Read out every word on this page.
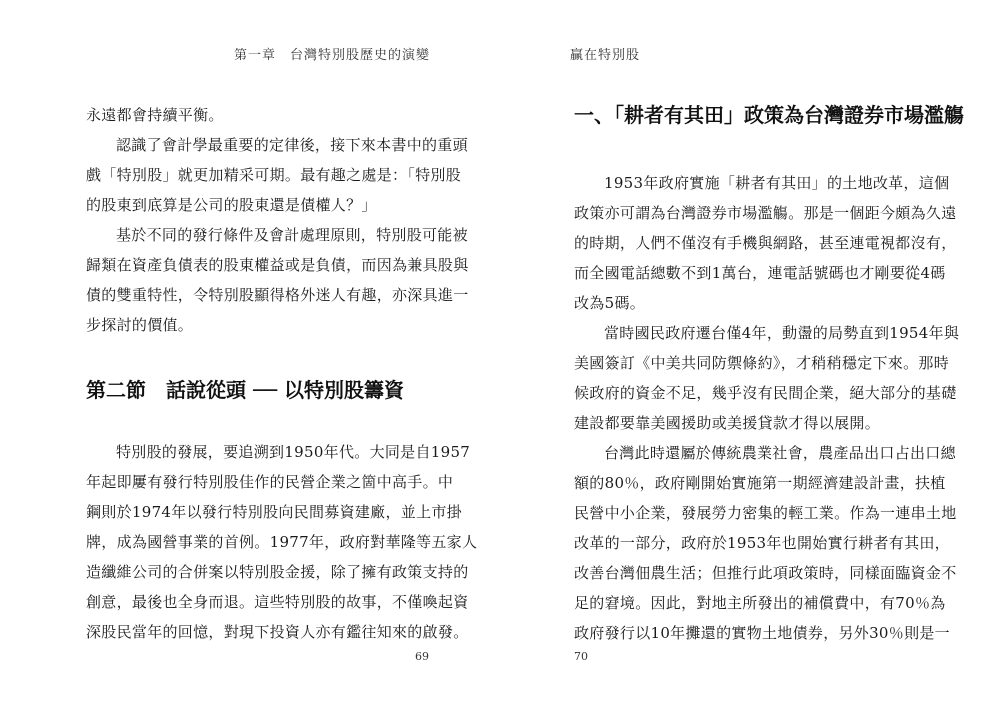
第一章　台灣特別股歷史的演變
永遠都會持續平衡。
認識了會計學最重要的定律後，接下來本書中的重頭
戲「特別股」就更加精采可期。最有趣之處是：「特別股
的股東到底算是公司的股東還是債權人？」
基於不同的發行條件及會計處理原則，特別股可能被
歸類在資產負債表的股東權益或是負債，而因為兼具股與
債的雙重特性，令特別股顯得格外迷人有趣，亦深具進一
步探討的價值。
第二節　話說從頭 ── 以特別股籌資
特別股的發展，要追溯到1950年代。大同是自1957
年起即屢有發行特別股佳作的民營企業之箇中高手。中
鋼則於1974年以發行特別股向民間募資建廠，並上市掛
牌，成為國營事業的首例。1977年，政府對華隆等五家人
造纖維公司的合併案以特別股金援，除了擁有政策支持的
創意，最後也全身而退。這些特別股的故事，不僅喚起資
深股民當年的回憶，對現下投資人亦有鑑往知來的啟發。
69
贏在特別股
一、「耕者有其田」政策為台灣證券市場濫觴
1953年政府實施「耕者有其田」的土地改革，這個
政策亦可謂為台灣證券市場濫觴。那是一個距今頗為久遠
的時期，人們不僅沒有手機與網路，甚至連電視都沒有，
而全國電話總數不到1萬台，連電話號碼也才剛要從4碼
改為5碼。
當時國民政府遷台僅4年，動盪的局勢直到1954年與
美國簽訂《中美共同防禦條約》，才稍稍穩定下來。那時
候政府的資金不足，幾乎沒有民間企業，絕大部分的基礎
建設都要靠美國援助或美援貸款才得以展開。
台灣此時還屬於傳統農業社會，農產品出口占出口總
額的80％，政府剛開始實施第一期經濟建設計畫，扶植
民營中小企業，發展勞力密集的輕工業。作為一連串土地
改革的一部分，政府於1953年也開始實行耕者有其田，
改善台灣佃農生活；但推行此項政策時，同樣面臨資金不
足的窘境。因此，對地主所發出的補償費中，有70％為
政府發行以10年攤還的實物土地債券，另外30％則是一
70
